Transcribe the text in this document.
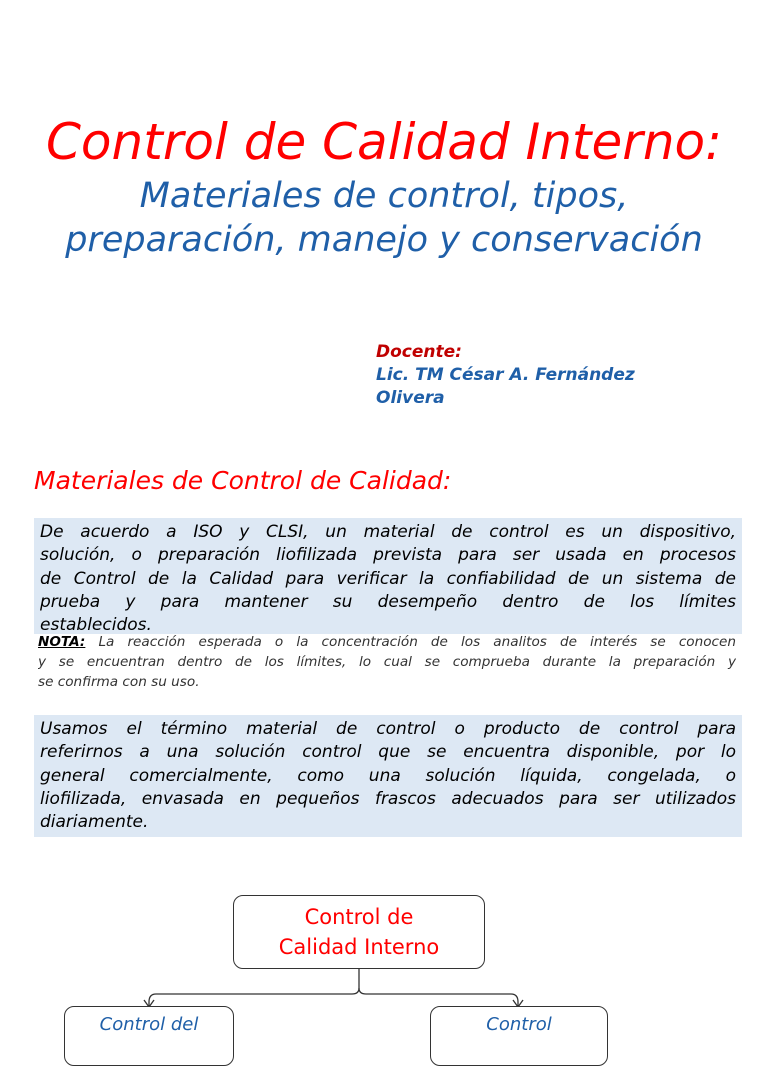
Control de Calidad Interno:
Materiales de control, tipos,
preparación, manejo y conservación
Docente:
Lic. TM César A. Fernández
Olivera
Materiales de Control de Calidad:
De acuerdo a ISO y CLSI, un material de control es un dispositivo,
solución, o preparación liofilizada prevista para ser usada en procesos
de Control de la Calidad para verificar la confiabilidad de un sistema de
prueba y para mantener su desempeño dentro de los límites
establecidos.
NOTA: La reacción esperada o la concentración de los analitos de interés se conocen
y se encuentran dentro de los límites, lo cual se comprueba durante la preparación y
se confirma con su uso.
Usamos el término material de control o producto de control para
referirnos a una solución control que se encuentra disponible, por lo
general comercialmente, como una solución líquida, congelada, o
liofilizada, envasada en pequeños frascos adecuados para ser utilizados
diariamente.
Control de
Calidad Interno
Control del	Control
